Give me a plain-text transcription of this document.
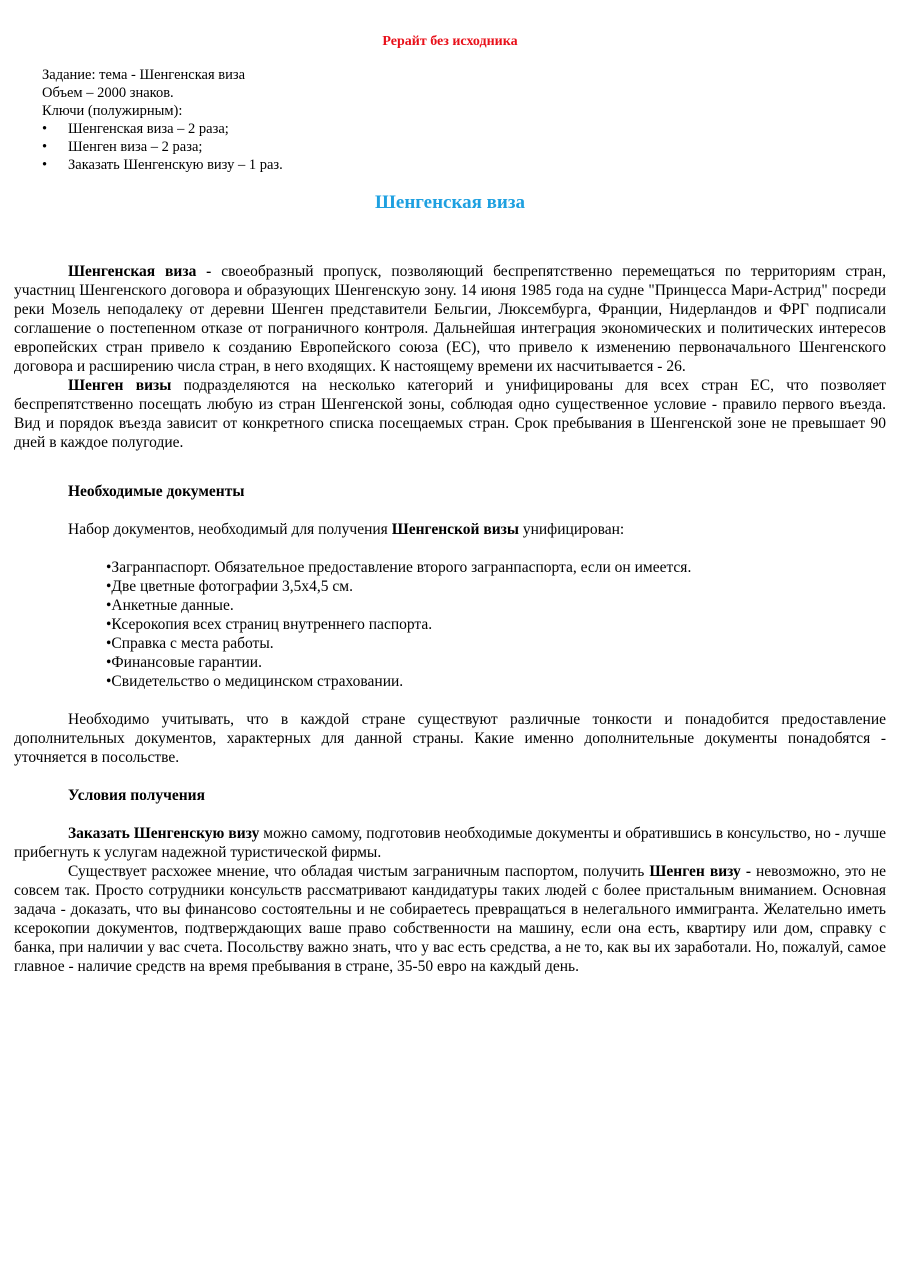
Рерайт без исходника
Задание: тема - Шенгенская виза
Объем – 2000 знаков.
Ключи (полужирным):
• Шенгенская виза – 2 раза;
• Шенген виза – 2 раза;
• Заказать Шенгенскую визу – 1 раз.
Шенгенская виза

Шенгенская виза - своеобразный пропуск, позволяющий беспрепятственно перемещаться по территориям стран, участниц Шенгенского договора и образующих Шенгенскую зону. 14 июня 1985 года на судне "Принцесса Мари-Астрид" посреди реки Мозель неподалеку от деревни Шенген представители Бельгии, Люксембурга, Франции, Нидерландов и ФРГ подписали соглашение о постепенном отказе от пограничного контроля. Дальнейшая интеграция экономических и политических интересов европейских стран привело к созданию Европейского союза (ЕС), что привело к изменению первоначального Шенгенского договора и расширению числа стран, в него входящих. К настоящему времени их насчитывается - 26.

Шенген визы подразделяются на несколько категорий и унифицированы для всех стран ЕС, что позволяет беспрепятственно посещать любую из стран Шенгенской зоны, соблюдая одно существенное условие - правило первого въезда. Вид и порядок въезда зависит от конкретного списка посещаемых стран. Срок пребывания в Шенгенской зоне не превышает 90 дней в каждое полугодие.

Необходимые документы

Набор документов, необходимый для получения Шенгенской визы унифицирован:

•Загранпаспорт. Обязательное предоставление второго загранпаспорта, если он имеется.
•Две цветные фотографии 3,5х4,5 см.
•Анкетные данные.
•Ксерокопия всех страниц внутреннего паспорта.
•Справка с места работы.
•Финансовые гарантии.
•Свидетельство о медицинском страховании.

Необходимо учитывать, что в каждой стране существуют различные тонкости и понадобится предоставление дополнительных документов, характерных для данной страны. Какие именно дополнительные документы понадобятся - уточняется в посольстве.

Условия получения

Заказать Шенгенскую визу можно самому, подготовив необходимые документы и обратившись в консульство, но - лучше прибегнуть к услугам надежной туристической фирмы.

Существует расхожее мнение, что обладая чистым заграничным паспортом, получить Шенген визу - невозможно, это не совсем так. Просто сотрудники консульств рассматривают кандидатуры таких людей с более пристальным вниманием. Основная задача - доказать, что вы финансово состоятельны и не собираетесь превращаться в нелегального иммигранта. Желательно иметь ксерокопии документов, подтверждающих ваше право собственности на машину, если она есть, квартиру или дом, справку с банка, при наличии у вас счета. Посольству важно знать, что у вас есть средства, а не то, как вы их заработали. Но, пожалуй, самое главное - наличие средств на время пребывания в стране, 35-50 евро на каждый день.
